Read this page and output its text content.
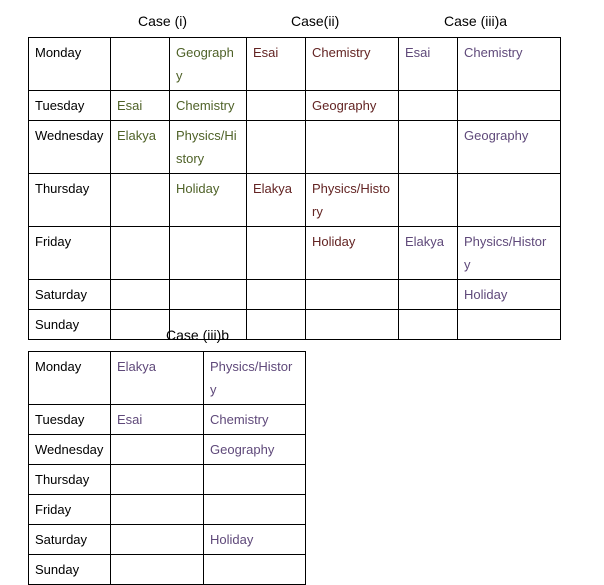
Case (i)	Case(ii)	Case (iii)a
Monday		Geograph y	Esai	Chemistry	Esai	Chemistry
Tuesday	Esai	Chemistry		Geography		
Wednesday	Elakya	Physics/Hi story				Geography
Thursday		Holiday	Elakya	Physics/Histo ry		
Friday				Holiday	Elakya	Physics/Histor y
Saturday						Holiday
Sunday						
Case (iii)b
Monday	Elakya	Physics/Histor y
Tuesday	Esai	Chemistry
Wednesday		Geography
Thursday		
Friday		
Saturday		Holiday
Sunday		
